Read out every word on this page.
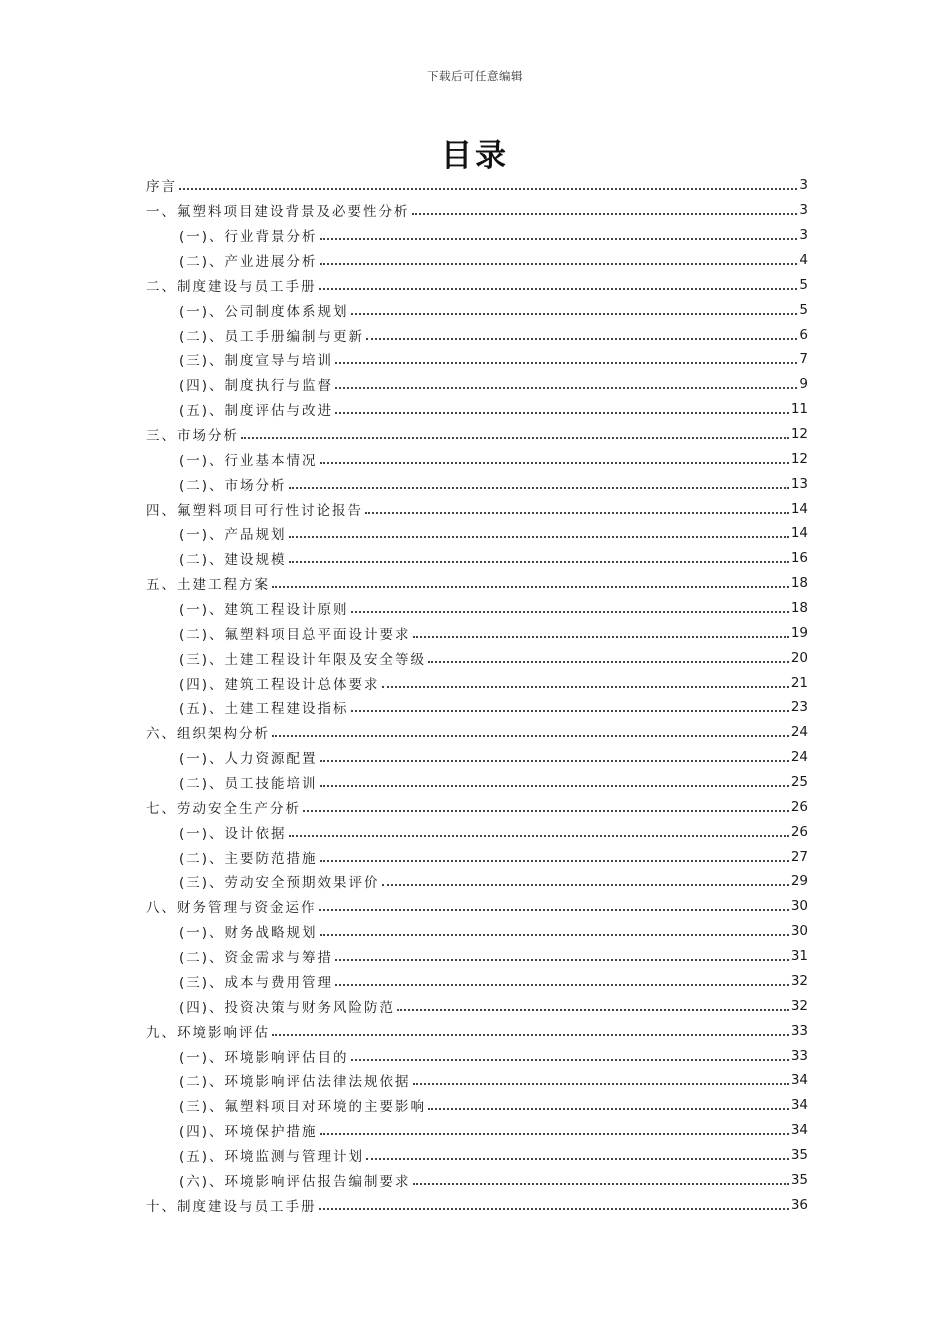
下载后可任意编辑
目录
序言	3
一、氟塑料项目建设背景及必要性分析	3
(一)、行业背景分析	3
(二)、产业进展分析	4
二、制度建设与员工手册	5
(一)、公司制度体系规划	5
(二)、员工手册编制与更新	6
(三)、制度宣导与培训	7
(四)、制度执行与监督	9
(五)、制度评估与改进	11
三、市场分析	12
(一)、行业基本情况	12
(二)、市场分析	13
四、氟塑料项目可行性讨论报告	14
(一)、产品规划	14
(二)、建设规模	16
五、土建工程方案	18
(一)、建筑工程设计原则	18
(二)、氟塑料项目总平面设计要求	19
(三)、土建工程设计年限及安全等级	20
(四)、建筑工程设计总体要求	21
(五)、土建工程建设指标	23
六、组织架构分析	24
(一)、人力资源配置	24
(二)、员工技能培训	25
七、劳动安全生产分析	26
(一)、设计依据	26
(二)、主要防范措施	27
(三)、劳动安全预期效果评价	29
八、财务管理与资金运作	30
(一)、财务战略规划	30
(二)、资金需求与筹措	31
(三)、成本与费用管理	32
(四)、投资决策与财务风险防范	32
九、环境影响评估	33
(一)、环境影响评估目的	33
(二)、环境影响评估法律法规依据	34
(三)、氟塑料项目对环境的主要影响	34
(四)、环境保护措施	34
(五)、环境监测与管理计划	35
(六)、环境影响评估报告编制要求	35
十、制度建设与员工手册	36
